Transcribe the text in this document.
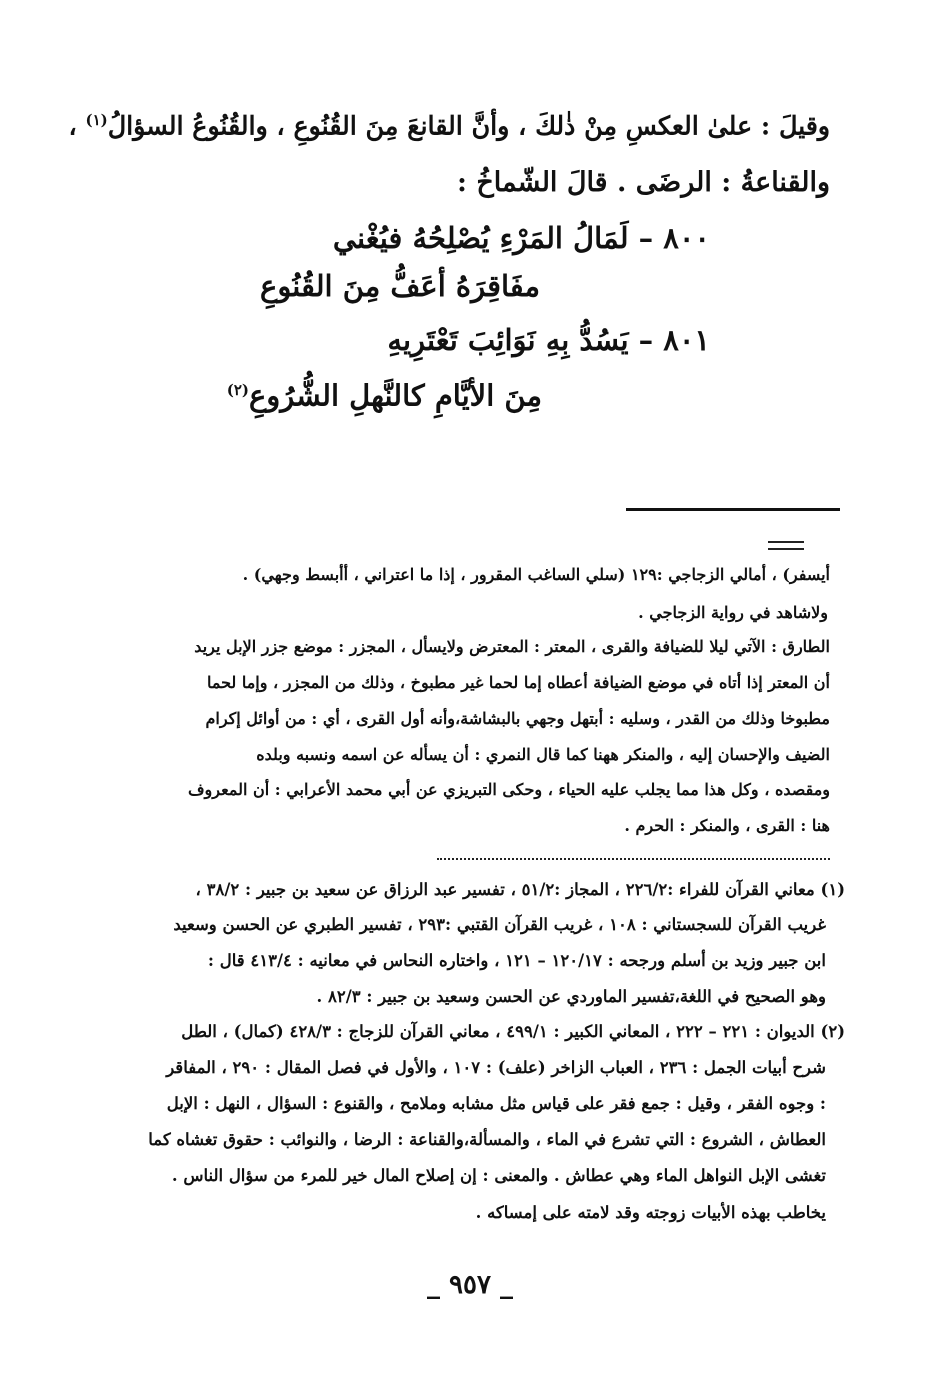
وقيلَ : علىٰ العكسِ مِنْ ذٰلكَ ، وأنَّ القانعَ مِنَ القُنُوعِ ، والقُنُوعُ السؤالُ$^{(١)}$ ،

والقناعةُ : الرضَى . قالَ الشّماخُ :

٨٠٠ – لَمَالُ المَرْءِ يُصْلِحُهُ فيُغْني

مفَاقِرَهُ أعَفُّ مِنَ القُنُوعِ

٨٠١ – يَسُدُّ بِهِ نَوَائِبَ تَعْتَرِيهِ

مِنَ الأيَّامِ كالنَّهلِ الشُّرُوعِ$^{(٢)}$

أيسفر) ، أمالي الزجاجي :١٢٩ (سلي الساغب المقرور ، إذا ما اعتراني ، أأبسط وجهي) .

ولاشاهد في رواية الزجاجي .

الطارق : الآتي ليلا للضيافة والقرى ، المعتر : المعترض ولايسأل ، المجزر : موضع جزر الإبل يريد

أن المعتر إذا أتاه في موضع الضيافة أعطاه إما لحما غير مطبوخ ، وذلك من المجزر ، وإما لحما

مطبوخا وذلك من القدر ، وسليه : أبتهل وجهي بالبشاشة،وأنه أول القرى ، أي : من أوائل إكرام

الضيف والإحسان إليه ، والمنكر ههنا كما قال النمري : أن يسأله عن اسمه ونسبه وبلده

ومقصده ، وكل هذا مما يجلب عليه الحياء ، وحكى التبريزي عن أبي محمد الأعرابي : أن المعروف

هنا : القرى ، والمنكر : الحرم .

(١) معاني القرآن للفراء :٢٢٦/٢ ، المجاز :٥١/٢ ، تفسير عبد الرزاق عن سعيد بن جبير : ٣٨/٢ ،

غريب القرآن للسجستاني : ١٠٨ ، غريب القرآن القتبي :٢٩٣ ، تفسير الطبري عن الحسن وسعيد

ابن جبير وزيد بن أسلم ورجحه : ١٢٠/١٧ – ١٢١ ، واختاره النحاس في معانيه : ٤١٣/٤ قال :

وهو الصحيح في اللغة،تفسير الماوردي عن الحسن وسعيد بن جبير : ٨٢/٣ .

(٢) الديوان : ٢٢١ – ٢٢٢ ، المعاني الكبير : ٤٩٩/١ ، معاني القرآن للزجاج : ٤٢٨/٣ (كمال) ، الطل

شرح أبيات الجمل : ٢٣٦ ، العباب الزاخر (علف) : ١٠٧ ، والأول في فصل المقال : ٢٩٠ ، المفاقر

: وجوه الفقر ، وقيل : جمع فقر على قياس مثل مشابه وملامح ، والقنوع : السؤال ، النهل : الإبل

العطاش ، الشروع : التي تشرع في الماء ، والمسألة،والقناعة : الرضا ، والنوائب : حقوق تغشاه كما

تغشى الإبل النواهل الماء وهي عطاش . والمعنى : إن إصلاح المال خير للمرء من سؤال الناس .

يخاطب بهذه الأبيات زوجته وقد لامته على إمساكه .

_ ٩٥٧ _
